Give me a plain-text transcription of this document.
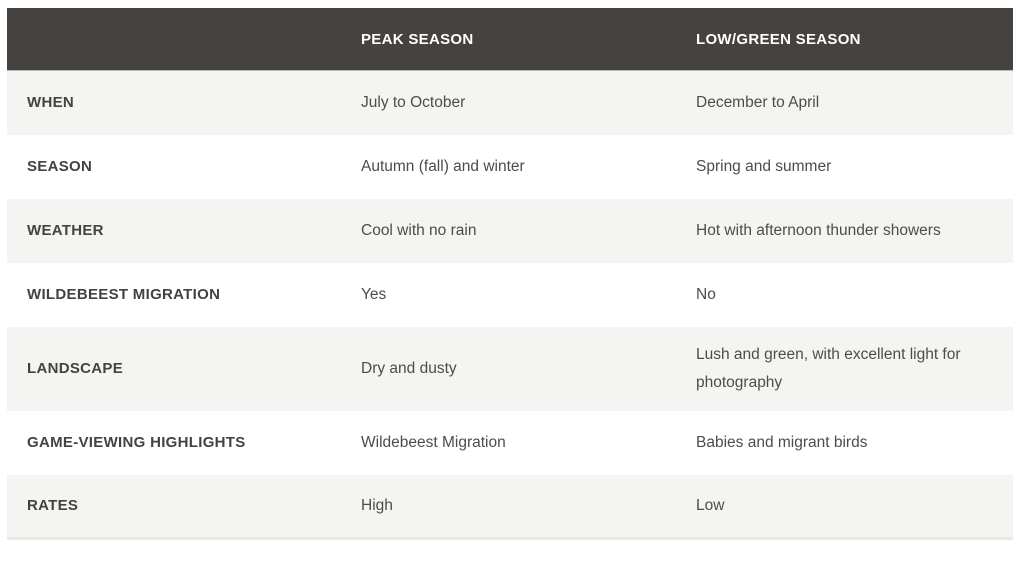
	PEAK SEASON	LOW/GREEN SEASON
WHEN	July to October	December to April
SEASON	Autumn (fall) and winter	Spring and summer
WEATHER	Cool with no rain	Hot with afternoon thunder showers
WILDEBEEST MIGRATION	Yes	No
LANDSCAPE	Dry and dusty	Lush and green, with excellent light for photography
GAME-VIEWING HIGHLIGHTS	Wildebeest Migration	Babies and migrant birds
RATES	High	Low
